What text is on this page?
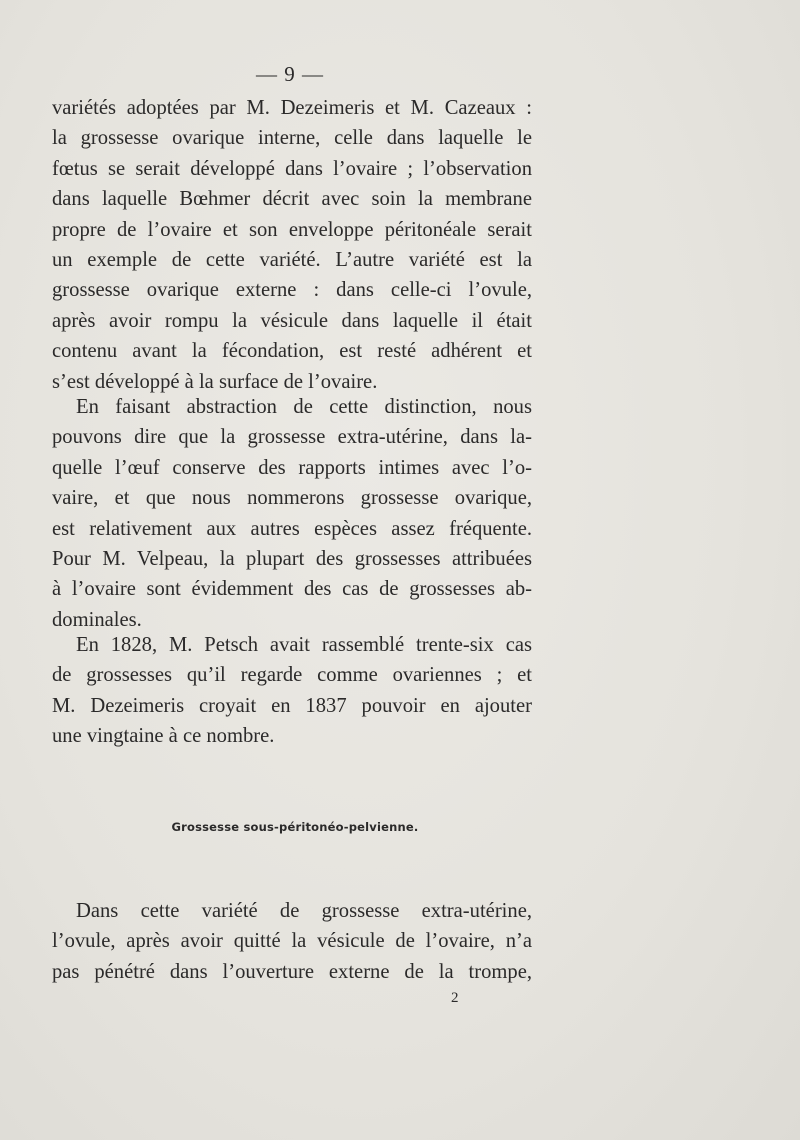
— 9 —
variétés adoptées par M. Dezeimeris et M. Cazeaux :
la grossesse ovarique interne, celle dans laquelle le
fœtus se serait développé dans l’ovaire ; l’observation
dans laquelle Bœhmer décrit avec soin la membrane
propre de l’ovaire et son enveloppe péritonéale serait
un exemple de cette variété. L’autre variété est la
grossesse ovarique externe : dans celle-ci l’ovule,
après avoir rompu la vésicule dans laquelle il était
contenu avant la fécondation, est resté adhérent et
s’est développé à la surface de l’ovaire.
En faisant abstraction de cette distinction, nous
pouvons dire que la grossesse extra-utérine, dans la-
quelle l’œuf conserve des rapports intimes avec l’o-
vaire, et que nous nommerons grossesse ovarique,
est relativement aux autres espèces assez fréquente.
Pour M. Velpeau, la plupart des grossesses attribuées
à l’ovaire sont évidemment des cas de grossesses ab-
dominales.
En 1828, M. Petsch avait rassemblé trente-six cas
de grossesses qu’il regarde comme ovariennes ; et
M. Dezeimeris croyait en 1837 pouvoir en ajouter
une vingtaine à ce nombre.
Grossesse sous-péritonéo-pelvienne.
Dans cette variété de grossesse extra-utérine,
l’ovule, après avoir quitté la vésicule de l’ovaire, n’a
pas pénétré dans l’ouverture externe de la trompe,
2
